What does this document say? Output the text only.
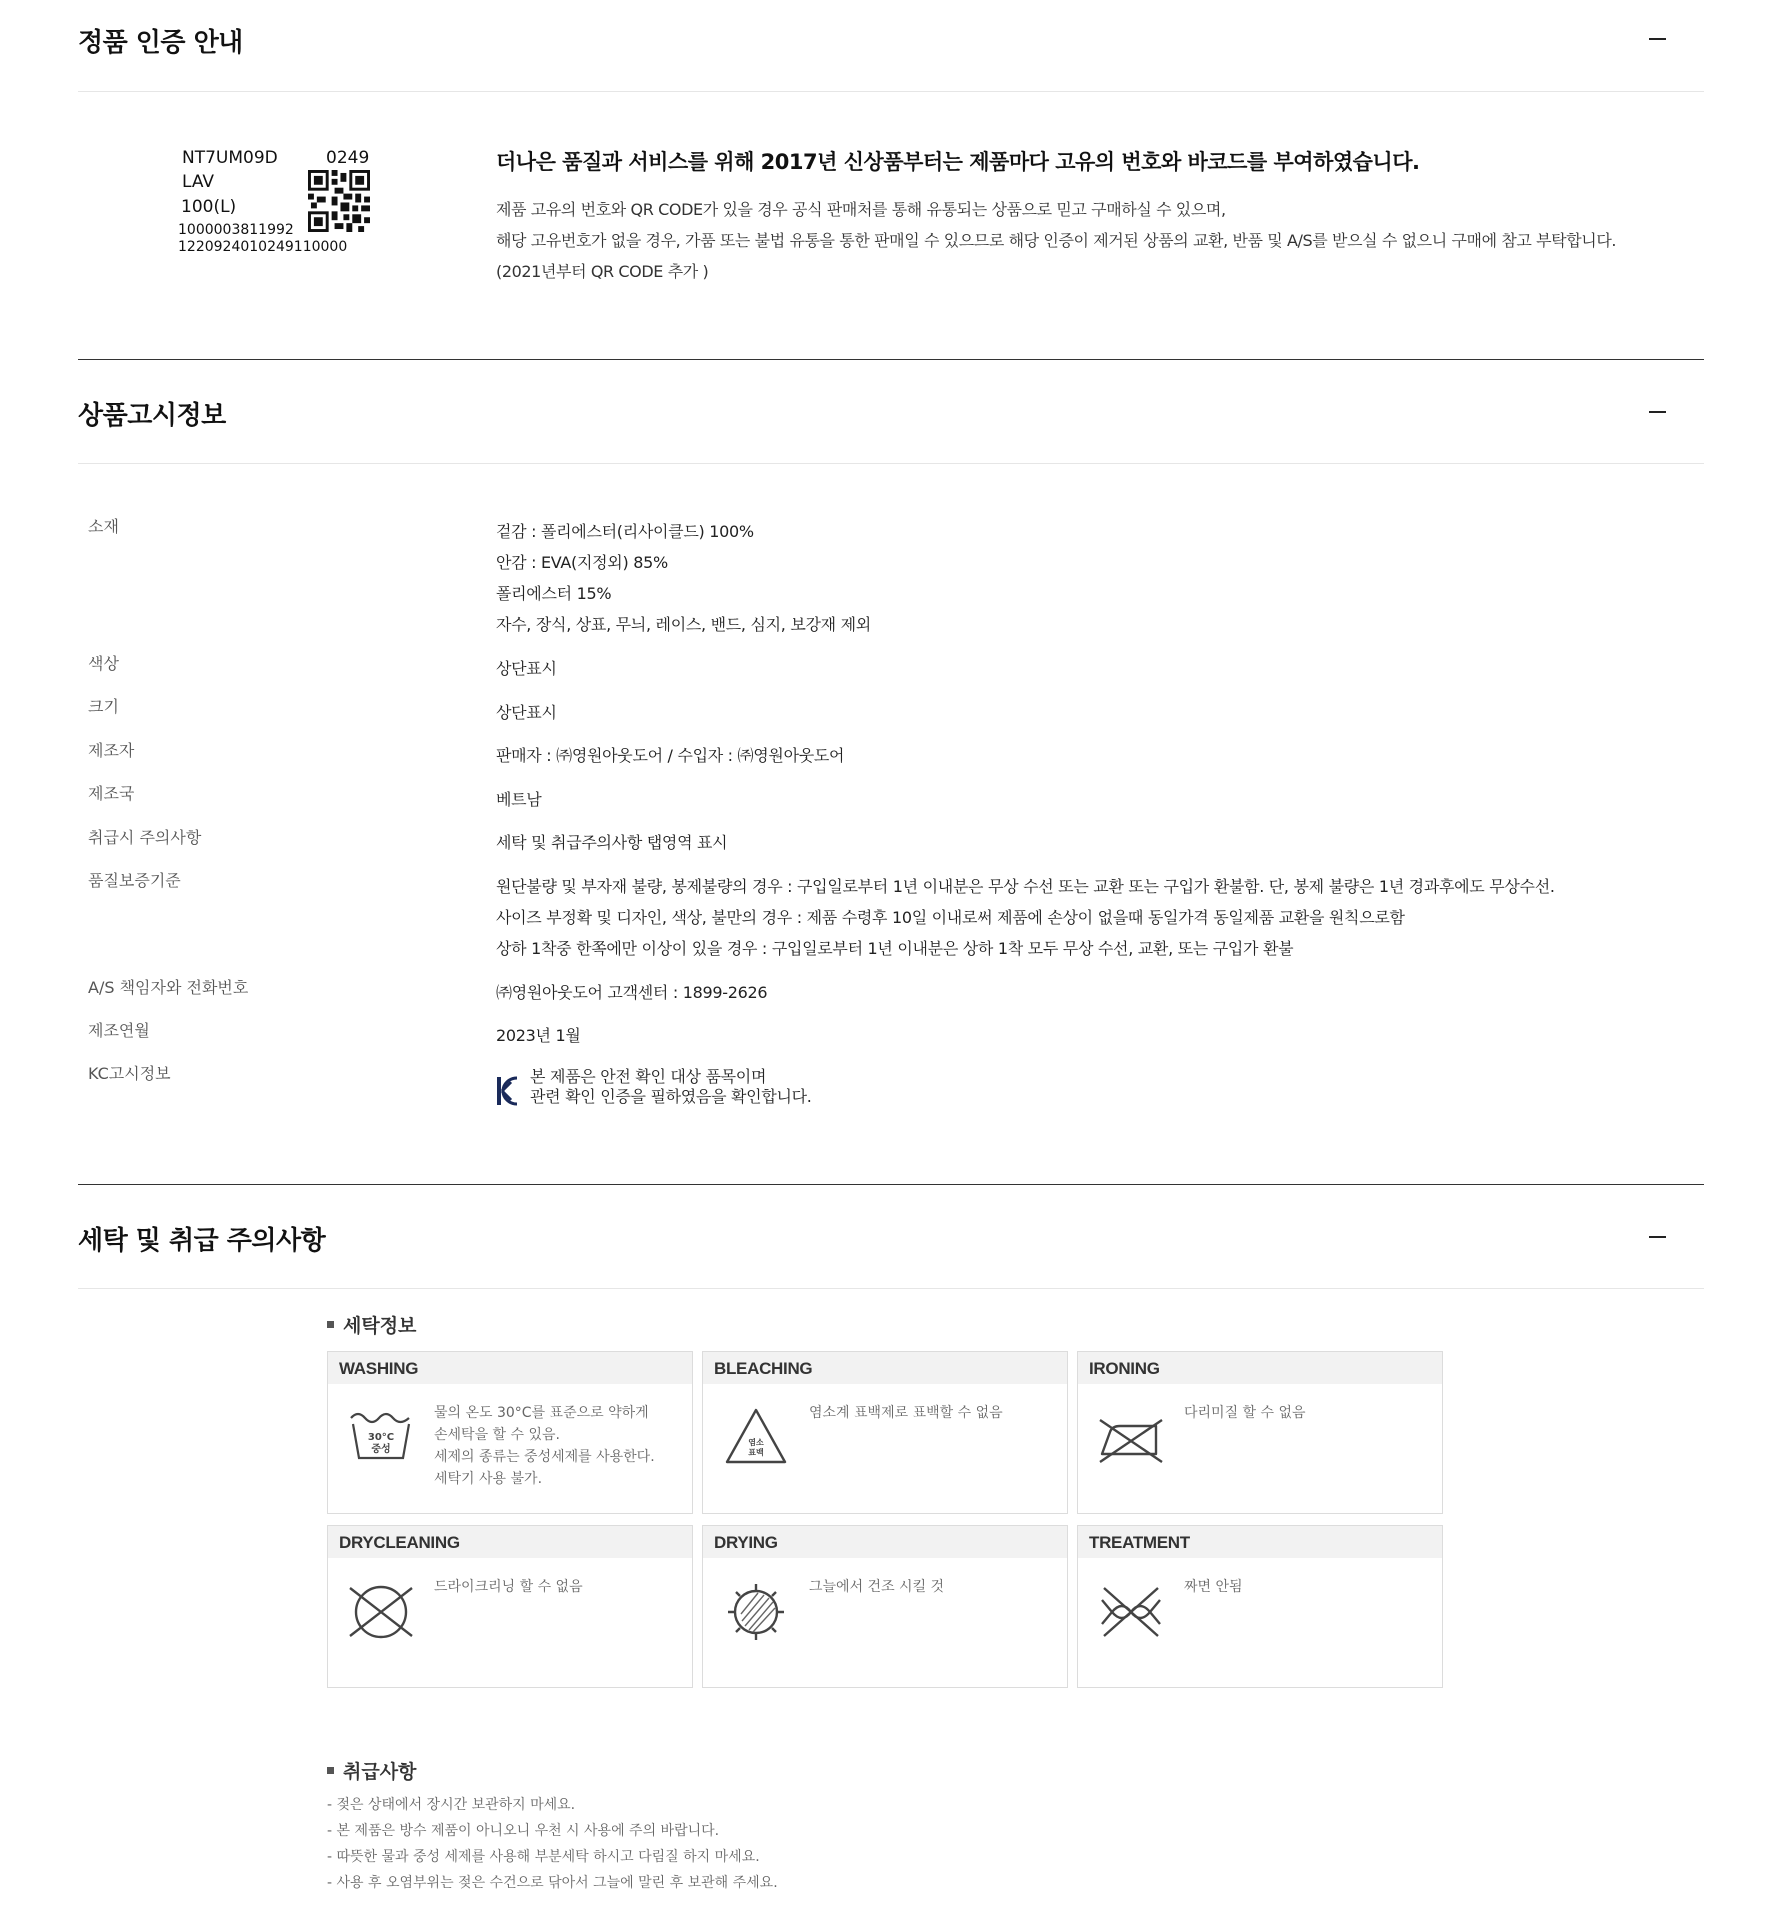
정품 인증 안내
NT7UM09D	0249
LAV
100(L)
1000003811992
1220924010249110000
더나은 품질과 서비스를 위해 2017년 신상품부터는 제품마다 고유의 번호와 바코드를 부여하였습니다.
제품 고유의 번호와 QR CODE가 있을 경우 공식 판매처를 통해 유통되는 상품으로 믿고 구매하실 수 있으며,
해당 고유번호가 없을 경우, 가품 또는 불법 유통을 통한 판매일 수 있으므로 해당 인증이 제거된 상품의 교환, 반품 및 A/S를 받으실 수 없으니 구매에 참고 부탁합니다.
(2021년부터 QR CODE 추가 )
상품고시정보
소재	겉감 : 폴리에스터(리사이클드) 100%
안감 : EVA(지정외) 85%
폴리에스터 15%
자수, 장식, 상표, 무늬, 레이스, 밴드, 심지, 보강재 제외
색상	상단표시
크기	상단표시
제조자	판매자 : ㈜영원아웃도어 / 수입자 : ㈜영원아웃도어
제조국	베트남
취급시 주의사항	세탁 및 취급주의사항 탭영역 표시
품질보증기준	원단불량 및 부자재 불량, 봉제불량의 경우 : 구입일로부터 1년 이내분은 무상 수선 또는 교환 또는 구입가 환불함. 단, 봉제 불량은 1년 경과후에도 무상수선.
사이즈 부정확 및 디자인, 색상, 불만의 경우 : 제품 수령후 10일 이내로써 제품에 손상이 없을때 동일가격 동일제품 교환을 원칙으로함
상하 1착중 한쪽에만 이상이 있을 경우 : 구입일로부터 1년 이내분은 상하 1착 모두 무상 수선, 교환, 또는 구입가 환불
A/S 책임자와 전화번호	㈜영원아웃도어 고객센터 : 1899-2626
제조연월	2023년 1월
KC고시정보	본 제품은 안전 확인 대상 품목이며
관련 확인 인증을 필하였음을 확인합니다.
세탁 및 취급 주의사항
세탁정보
WASHING
30°C
중성
물의 온도 30°C를 표준으로 약하게
손세탁을 할 수 있음.
세제의 종류는 중성세제를 사용한다.
세탁기 사용 불가.
BLEACHING
염소
표백
염소계 표백제로 표백할 수 없음
IRONING
다리미질 할 수 없음
DRYCLEANING
드라이크리닝 할 수 없음
DRYING
그늘에서 건조 시킬 것
TREATMENT
짜면 안됨
취급사항
- 젖은 상태에서 장시간 보관하지 마세요.
- 본 제품은 방수 제품이 아니오니 우천 시 사용에 주의 바랍니다.
- 따뜻한 물과 중성 세제를 사용해 부분세탁 하시고 다림질 하지 마세요.
- 사용 후 오염부위는 젖은 수건으로 닦아서 그늘에 말린 후 보관해 주세요.
